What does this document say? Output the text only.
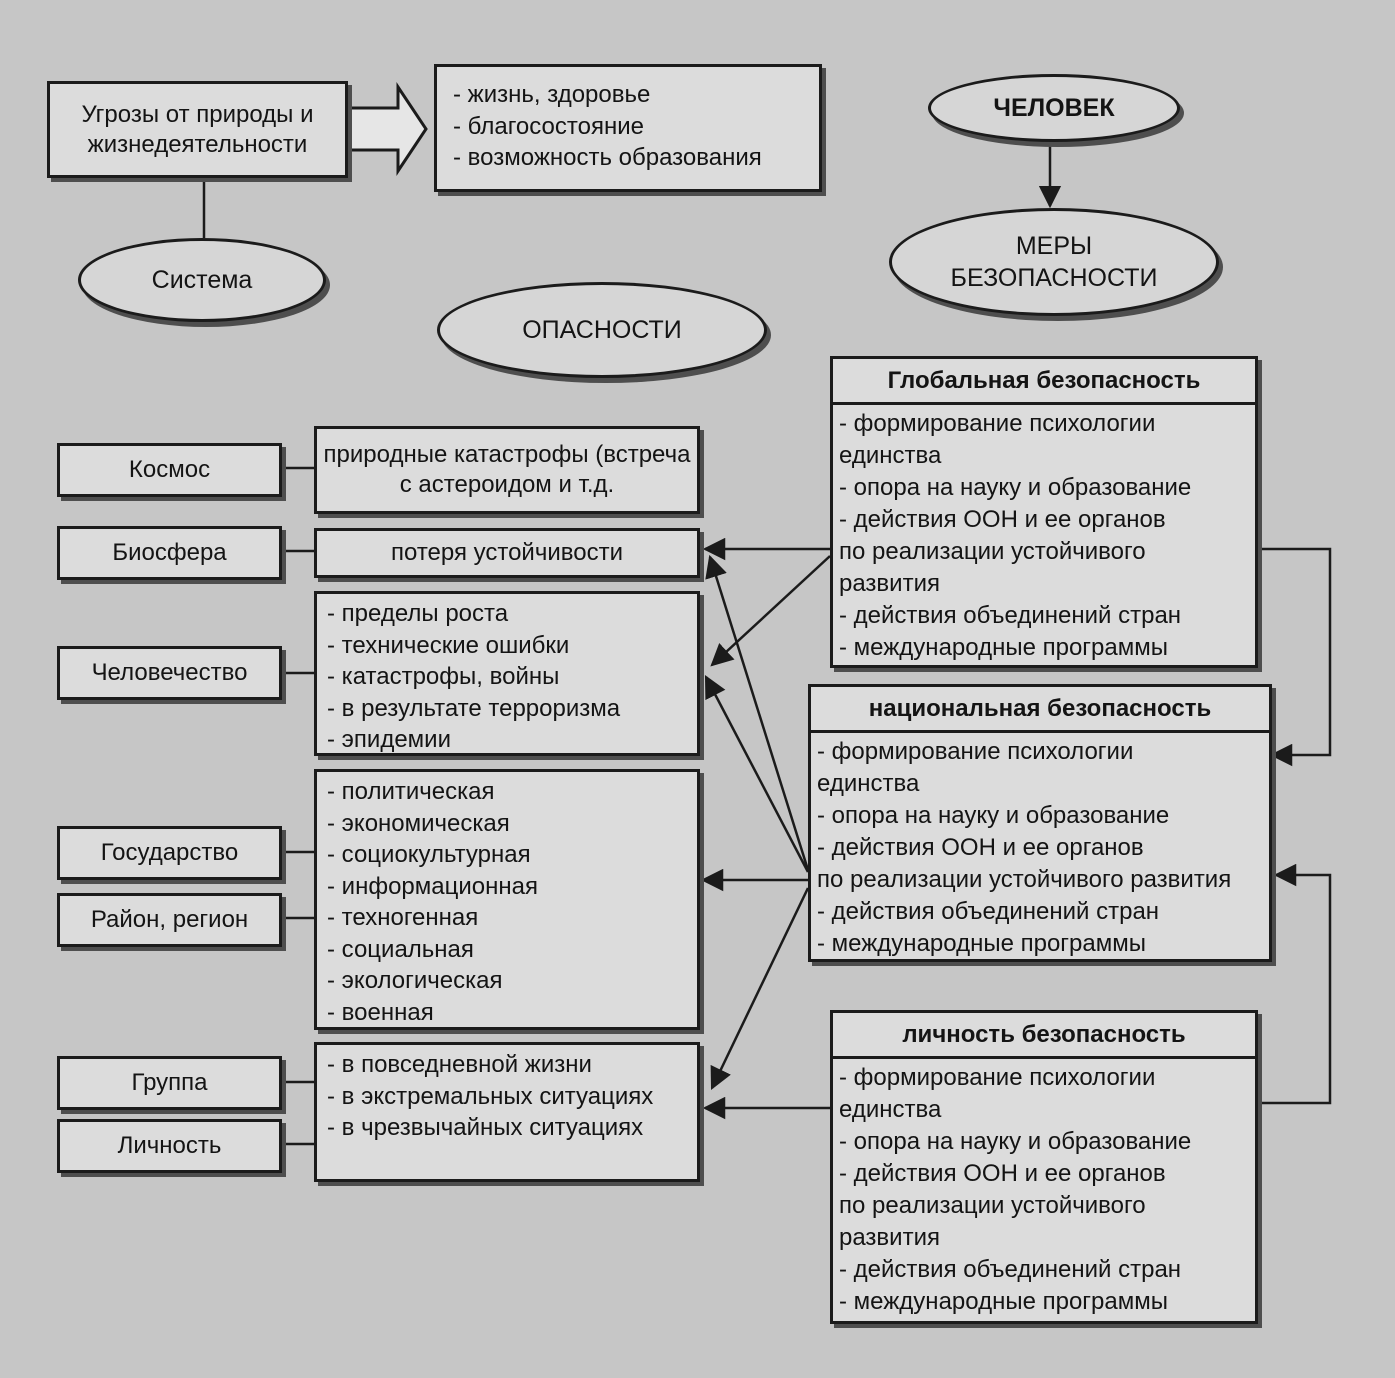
Угрозы от природы и жизнедеятельности
- жизнь, здоровье
- благосостояние
- возможность образования
Система
ЧЕЛОВЕК
МЕРЫ БЕЗОПАСНОСТИ
ОПАСНОСТИ
Космос
Биосфера
Человечество
Государство
Район, регион
Группа
Личность
природные катастрофы (встреча с астероидом и т.д.
потеря устойчивости
- пределы роста
- технические ошибки
- катастрофы, войны
- в результате терроризма
- эпидемии
- политическая
- экономическая
- социокультурная
- информационная
- техногенная
- социальная
- экологическая
- военная
- в повседневной жизни
- в экстремальных ситуациях
- в чрезвычайных ситуациях
Глобальная безопасность
- формирование психологии единства
- опора на науку и образование
- действия ООН и ее органов
по реализации устойчивого развития
- действия объединений стран
- международные программы
национальная безопасность
- формирование психологии единства
- опора на науку и образование
- действия ООН и ее органов
по реализации устойчивого развития
- действия объединений стран
- международные программы
личность безопасность
- формирование психологии единства
- опора на науку и образование
- действия ООН и ее органов
по реализации устойчивого развития
- действия объединений стран
- международные программы
